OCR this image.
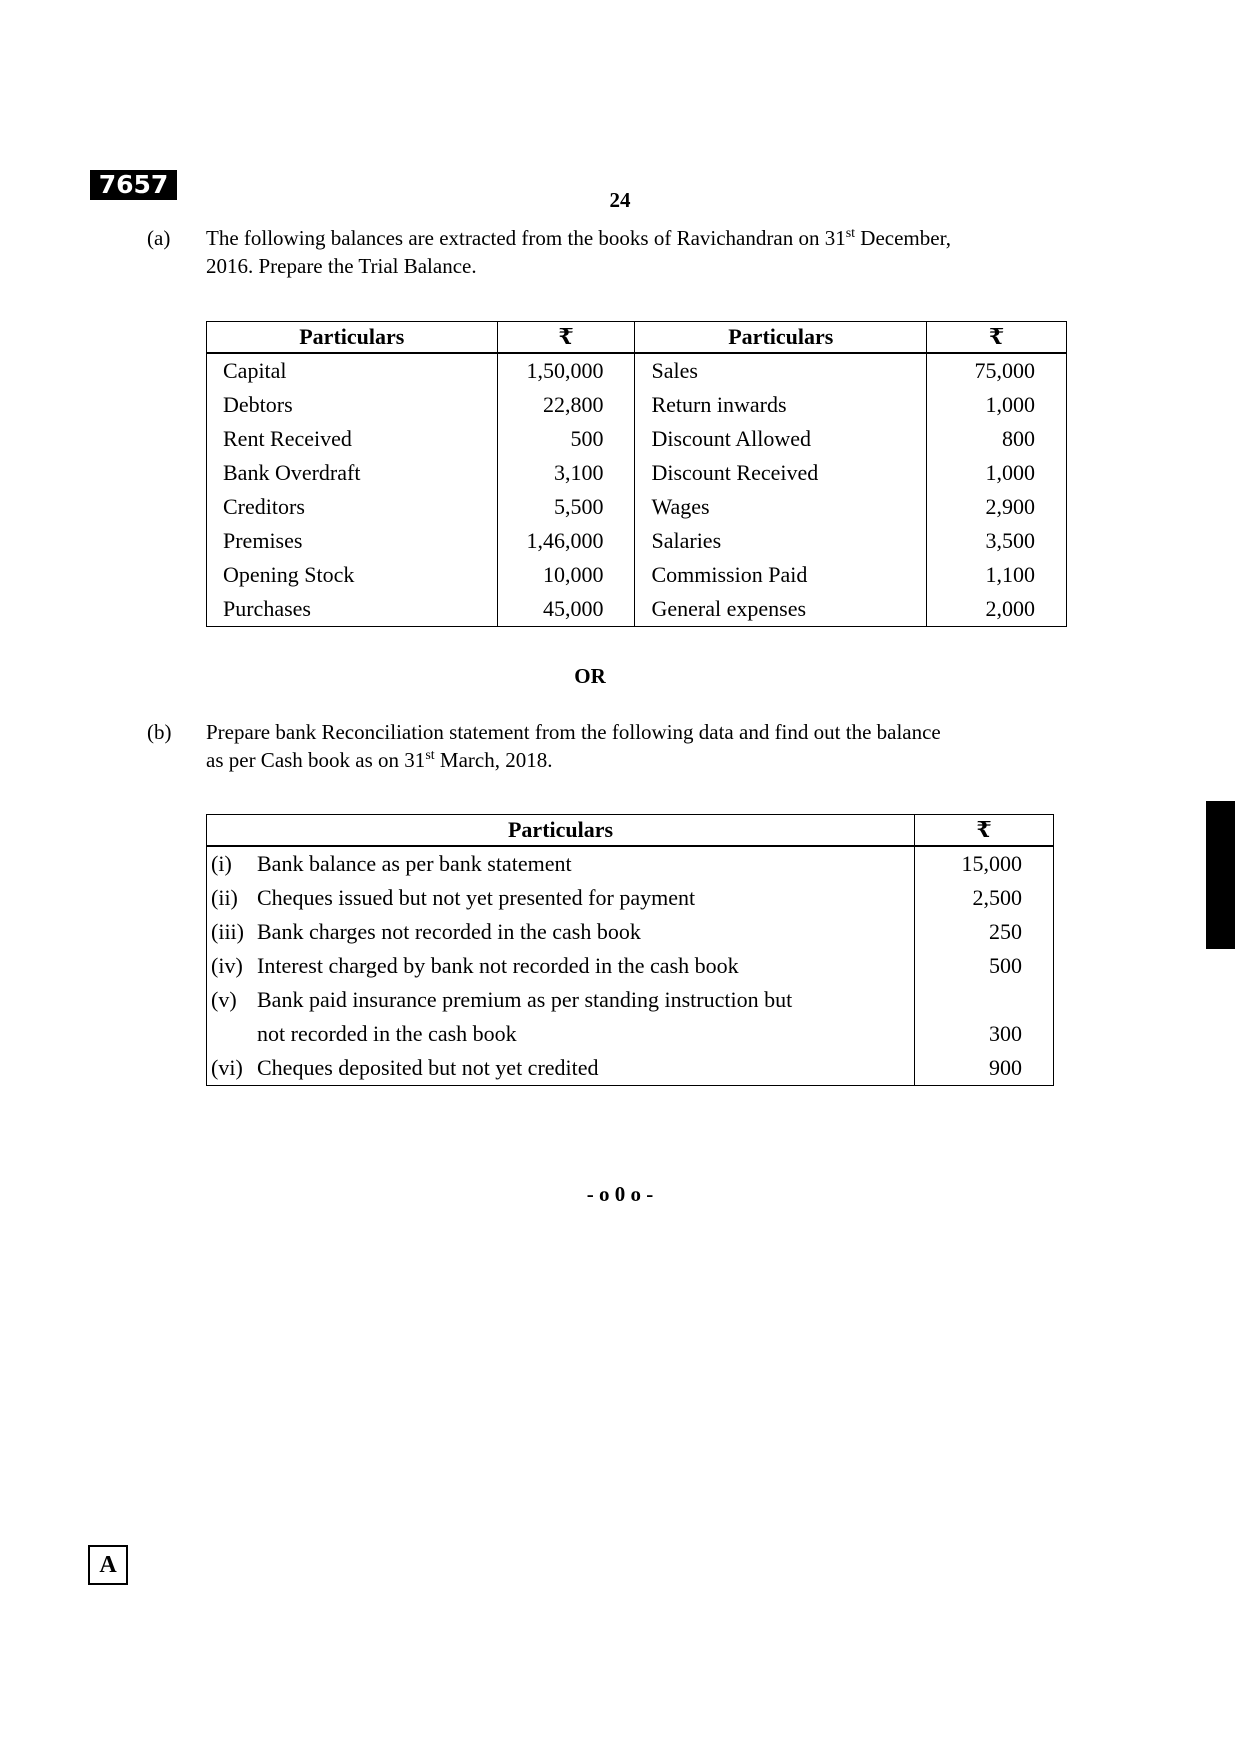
7657
24
(a) The following balances are extracted from the books of Ravichandran on 31st December,
2016. Prepare the Trial Balance.
Particulars	₹	Particulars	₹
Capital	1,50,000	Sales	75,000
Debtors	22,800	Return inwards	1,000
Rent Received	500	Discount Allowed	800
Bank Overdraft	3,100	Discount Received	1,000
Creditors	5,500	Wages	2,900
Premises	1,46,000	Salaries	3,500
Opening Stock	10,000	Commission Paid	1,100
Purchases	45,000	General expenses	2,000
OR
(b) Prepare bank Reconciliation statement from the following data and find out the balance
as per Cash book as on 31st March, 2018.
Particulars	₹
(i) Bank balance as per bank statement	15,000
(ii) Cheques issued but not yet presented for payment	2,500
(iii) Bank charges not recorded in the cash book	250
(iv) Interest charged by bank not recorded in the cash book	500
(v) Bank paid insurance premium as per standing instruction but	
not recorded in the cash book	300
(vi) Cheques deposited but not yet credited	900
- o 0 o -
A
